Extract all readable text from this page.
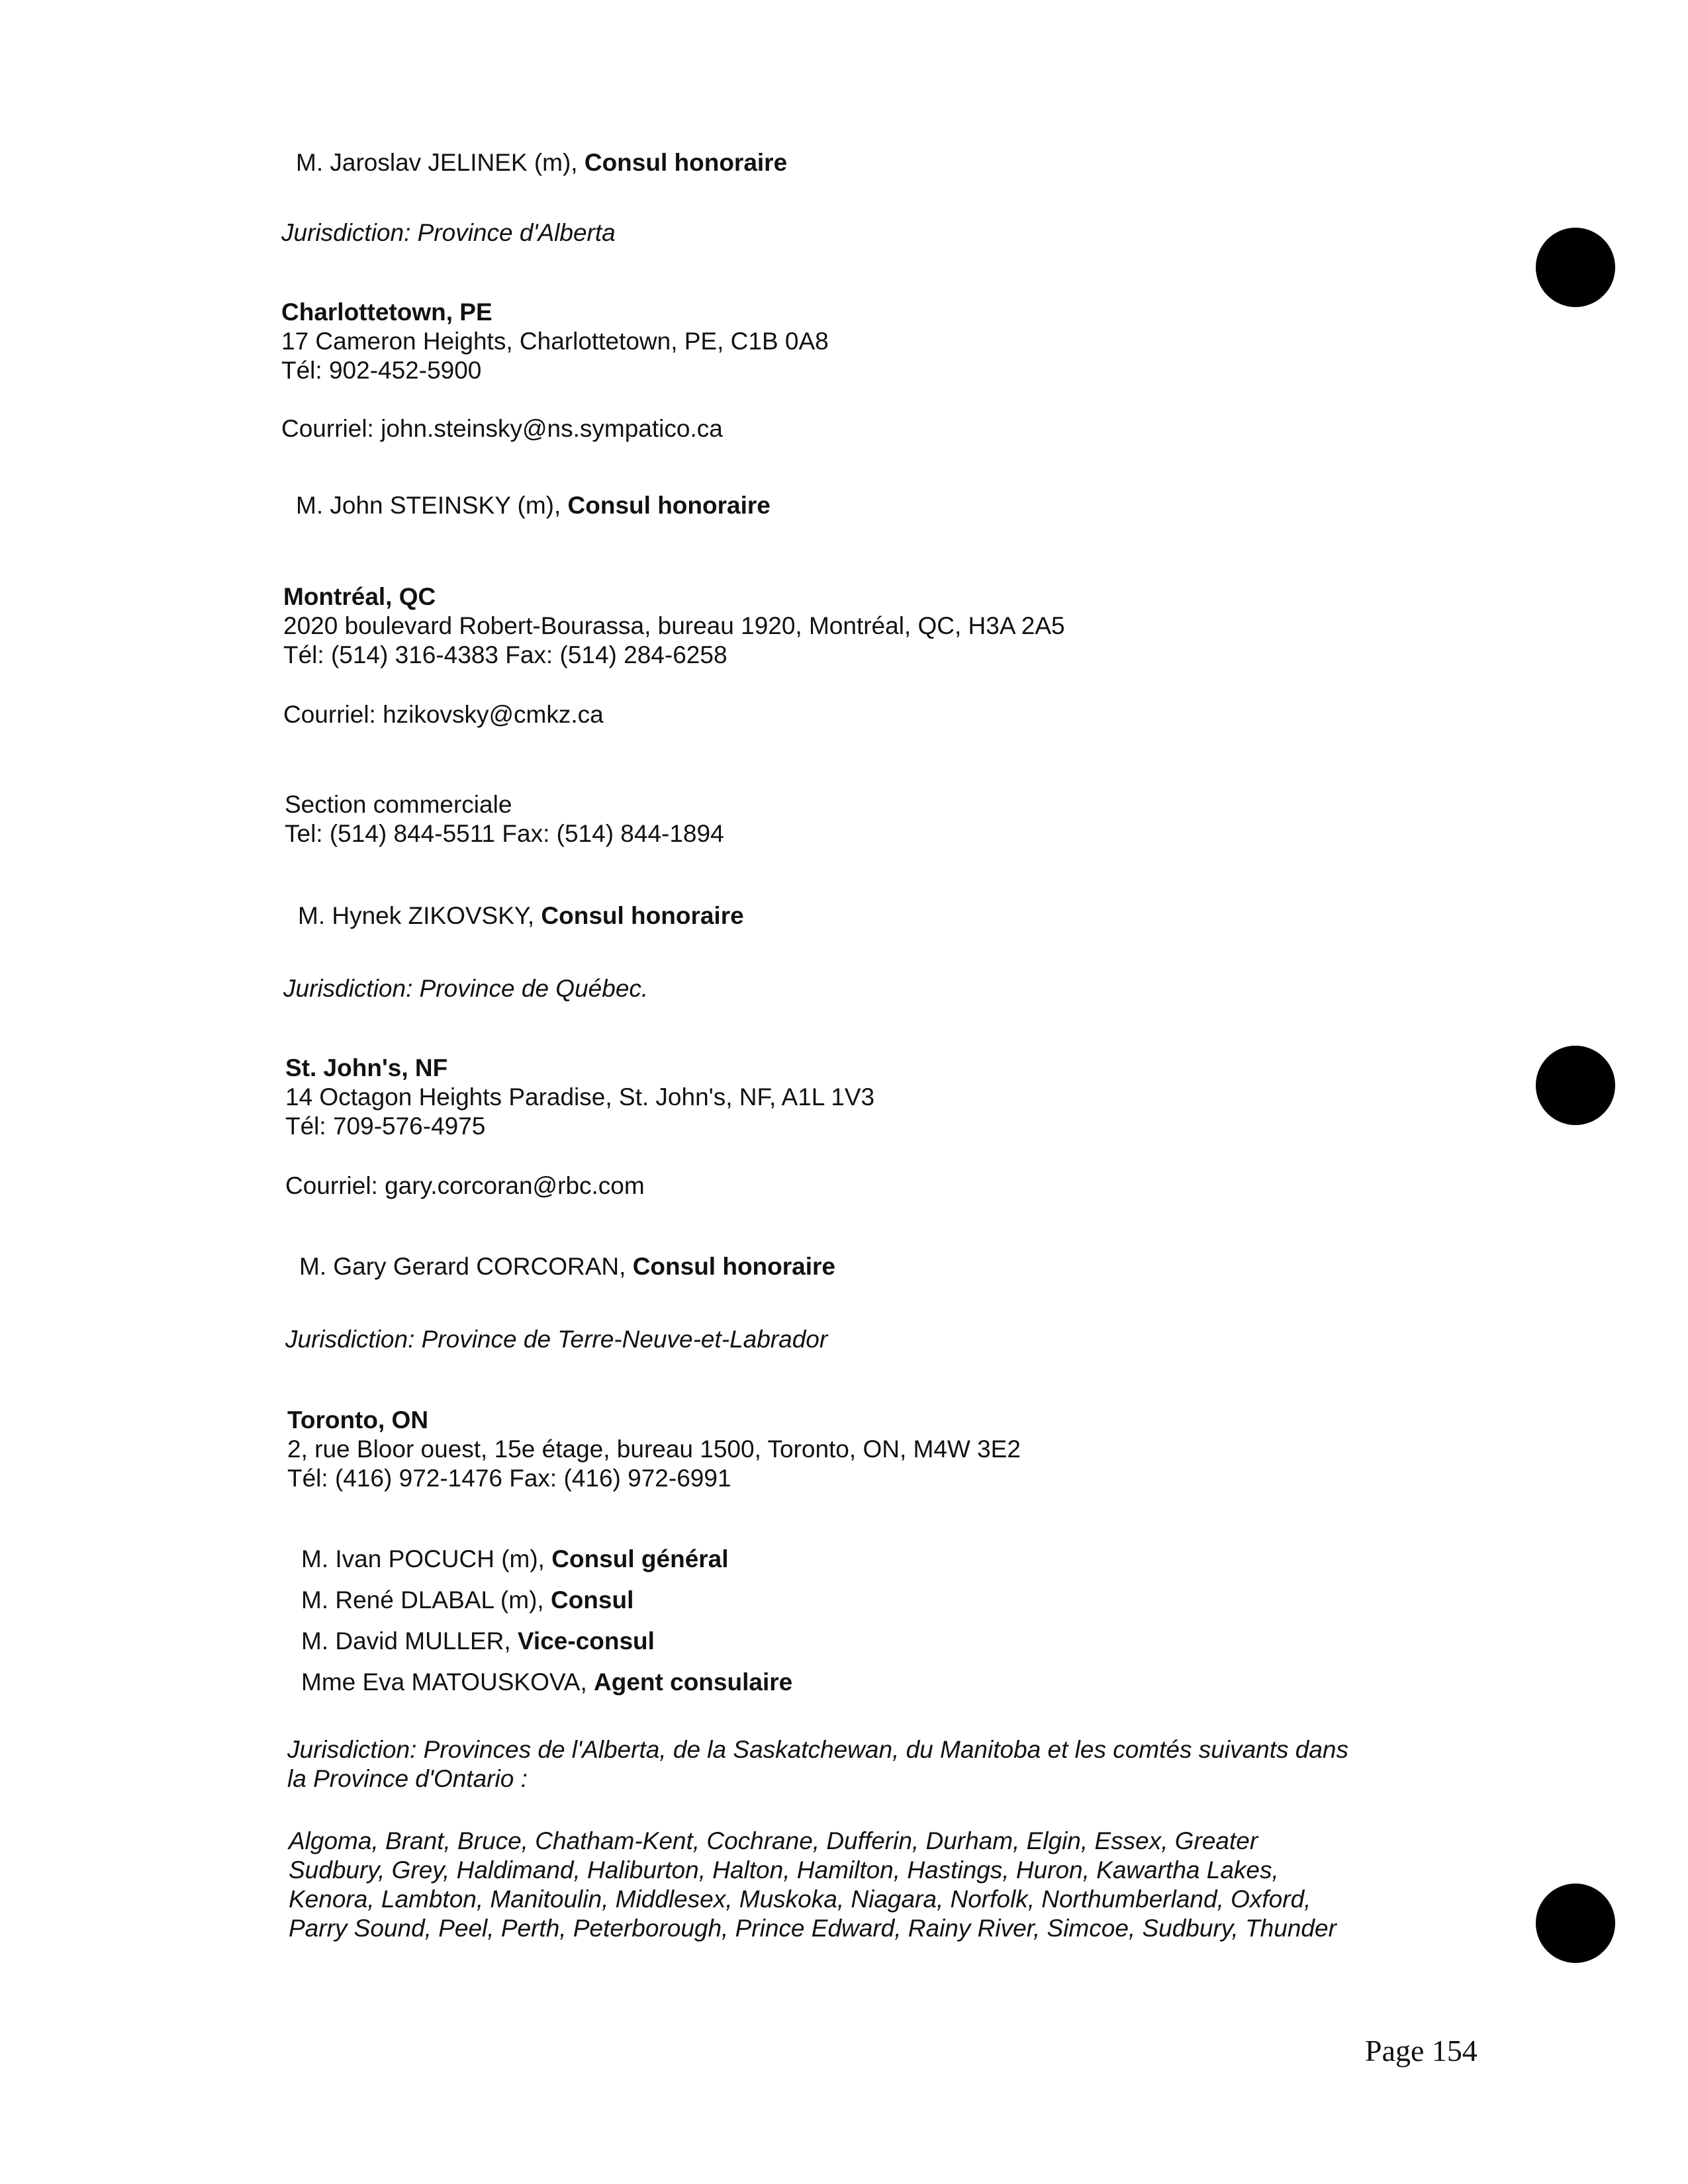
M. Jaroslav JELINEK (m), Consul honoraire
Jurisdiction: Province d'Alberta
Charlottetown, PE
17 Cameron Heights, Charlottetown, PE, C1B 0A8
Tél: 902-452-5900
Courriel: john.steinsky@ns.sympatico.ca
M. John STEINSKY (m), Consul honoraire
Montréal, QC
2020 boulevard Robert-Bourassa, bureau 1920, Montréal, QC, H3A 2A5
Tél: (514) 316-4383 Fax: (514) 284-6258
Courriel: hzikovsky@cmkz.ca
Section commerciale
Tel: (514) 844-5511 Fax: (514) 844-1894
M. Hynek ZIKOVSKY, Consul honoraire
Jurisdiction: Province de Québec.
St. John's, NF
14 Octagon Heights Paradise, St. John's, NF, A1L 1V3
Tél: 709-576-4975
Courriel: gary.corcoran@rbc.com
M. Gary Gerard CORCORAN, Consul honoraire
Jurisdiction: Province de Terre-Neuve-et-Labrador
Toronto, ON
2, rue Bloor ouest, 15e étage, bureau 1500, Toronto, ON, M4W 3E2
Tél: (416) 972-1476 Fax: (416) 972-6991
M. Ivan POCUCH (m), Consul général
M. René DLABAL (m), Consul
M. David MULLER, Vice-consul
Mme Eva MATOUSKOVA, Agent consulaire
Jurisdiction: Provinces de l'Alberta, de la Saskatchewan, du Manitoba et les comtés suivants dans
la Province d'Ontario :
Algoma, Brant, Bruce, Chatham-Kent, Cochrane, Dufferin, Durham, Elgin, Essex, Greater
Sudbury, Grey, Haldimand, Haliburton, Halton, Hamilton, Hastings, Huron, Kawartha Lakes,
Kenora, Lambton, Manitoulin, Middlesex, Muskoka, Niagara, Norfolk, Northumberland, Oxford,
Parry Sound, Peel, Perth, Peterborough, Prince Edward, Rainy River, Simcoe, Sudbury, Thunder
Page 154
